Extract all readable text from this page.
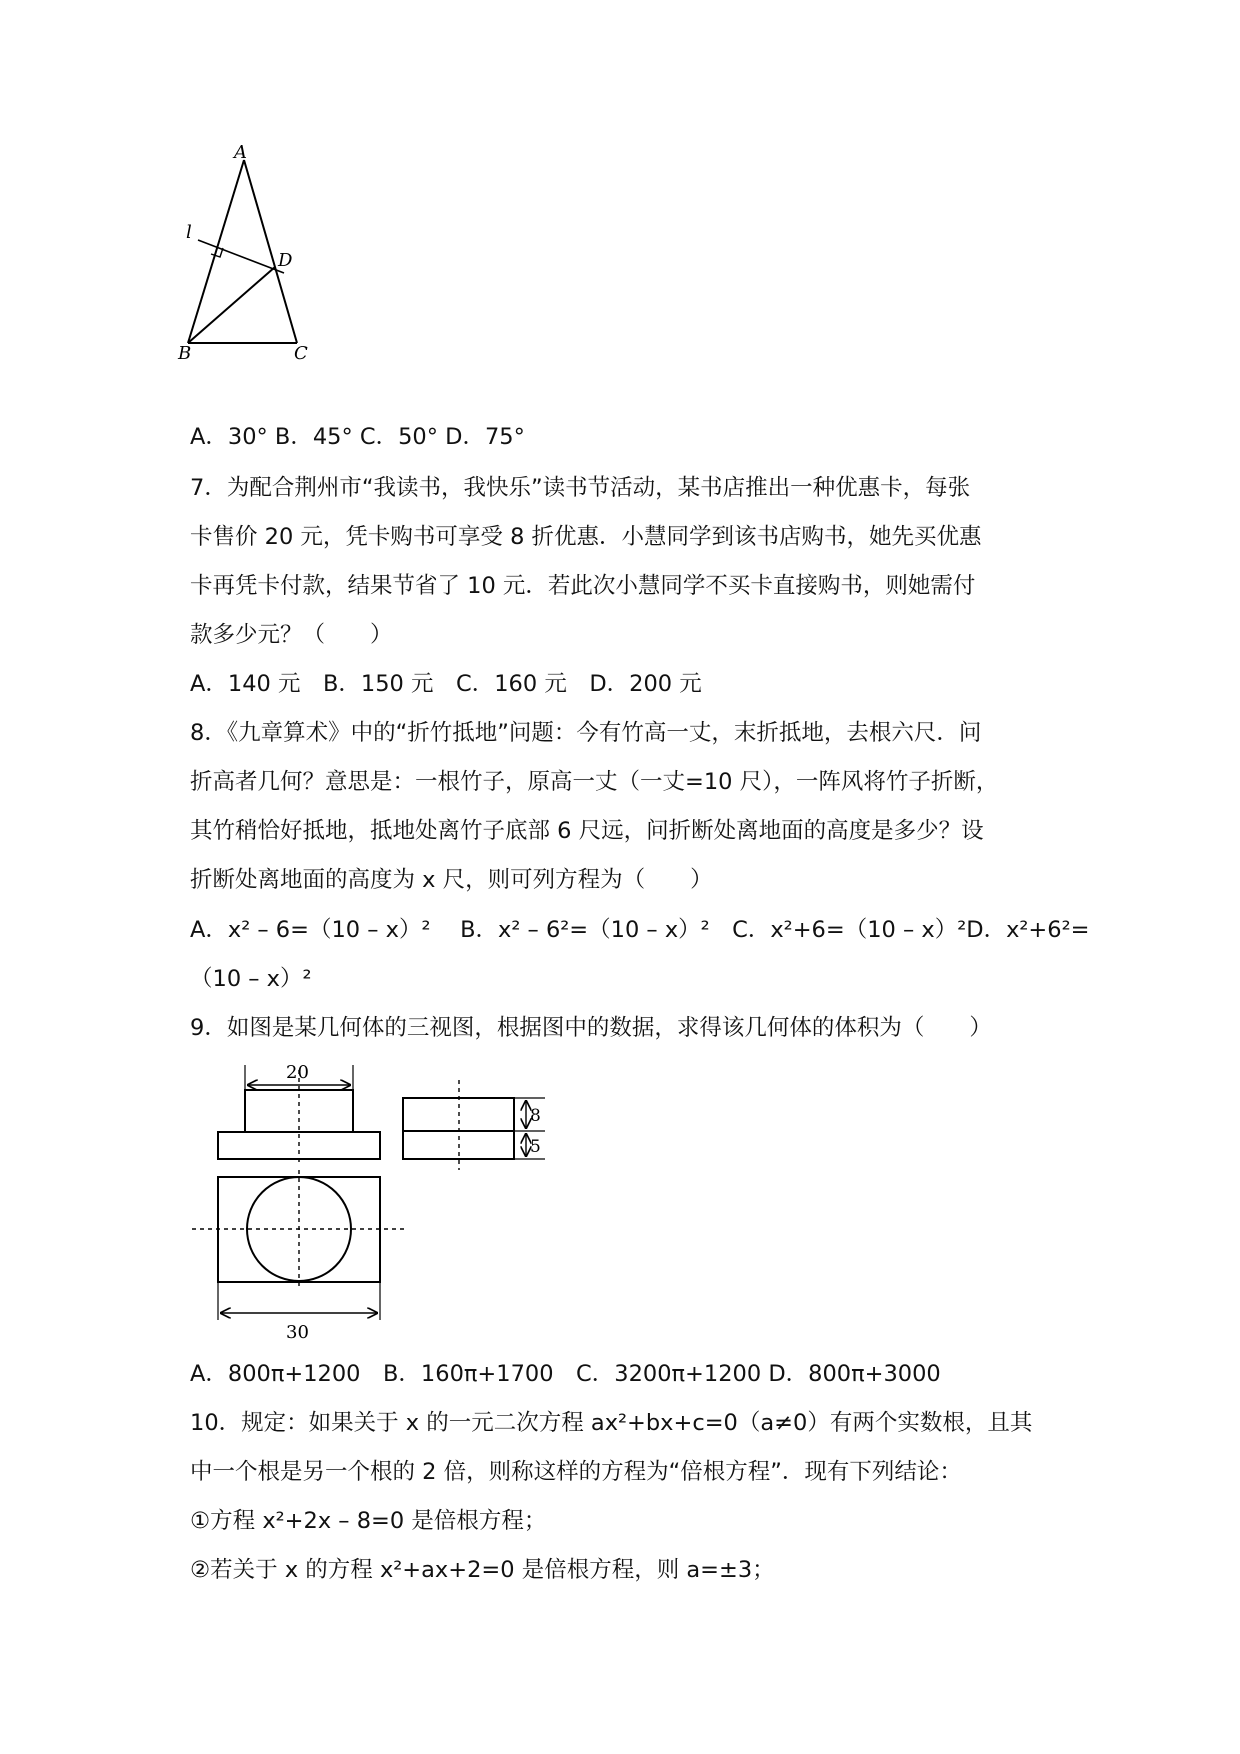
A
l
D
B	C
A．30° B．45° C．50° D．75°
7．为配合荆州市“我读书，我快乐”读书节活动，某书店推出一种优惠卡，每张
卡售价 20 元，凭卡购书可享受 8 折优惠．小慧同学到该书店购书，她先买优惠
卡再凭卡付款，结果节省了 10 元．若此次小慧同学不买卡直接购书，则她需付
款多少元？（　　）
A．140 元　B．150 元　C．160 元　D．200 元
8．《九章算术》中的“折竹抵地”问题：今有竹高一丈，末折抵地，去根六尺．问
折高者几何？意思是：一根竹子，原高一丈（一丈=10 尺），一阵风将竹子折断，
其竹稍恰好抵地，抵地处离竹子底部 6 尺远，问折断处离地面的高度是多少？设
折断处离地面的高度为 x 尺，则可列方程为（　　）
A．x² – 6=（10 – x）²　 B．x² – 6²=（10 – x）²　C．x²+6=（10 – x）²D．x²+6²=
（10 – x）²
9．如图是某几何体的三视图，根据图中的数据，求得该几何体的体积为（　　）
20
8
5
30
A．800π+1200　B．160π+1700　C．3200π+1200 D．800π+3000
10．规定：如果关于 x 的一元二次方程 ax²+bx+c=0（a≠0）有两个实数根，且其
中一个根是另一个根的 2 倍，则称这样的方程为“倍根方程”．现有下列结论：
①方程 x²+2x – 8=0 是倍根方程；
②若关于 x 的方程 x²+ax+2=0 是倍根方程，则 a=±3；
